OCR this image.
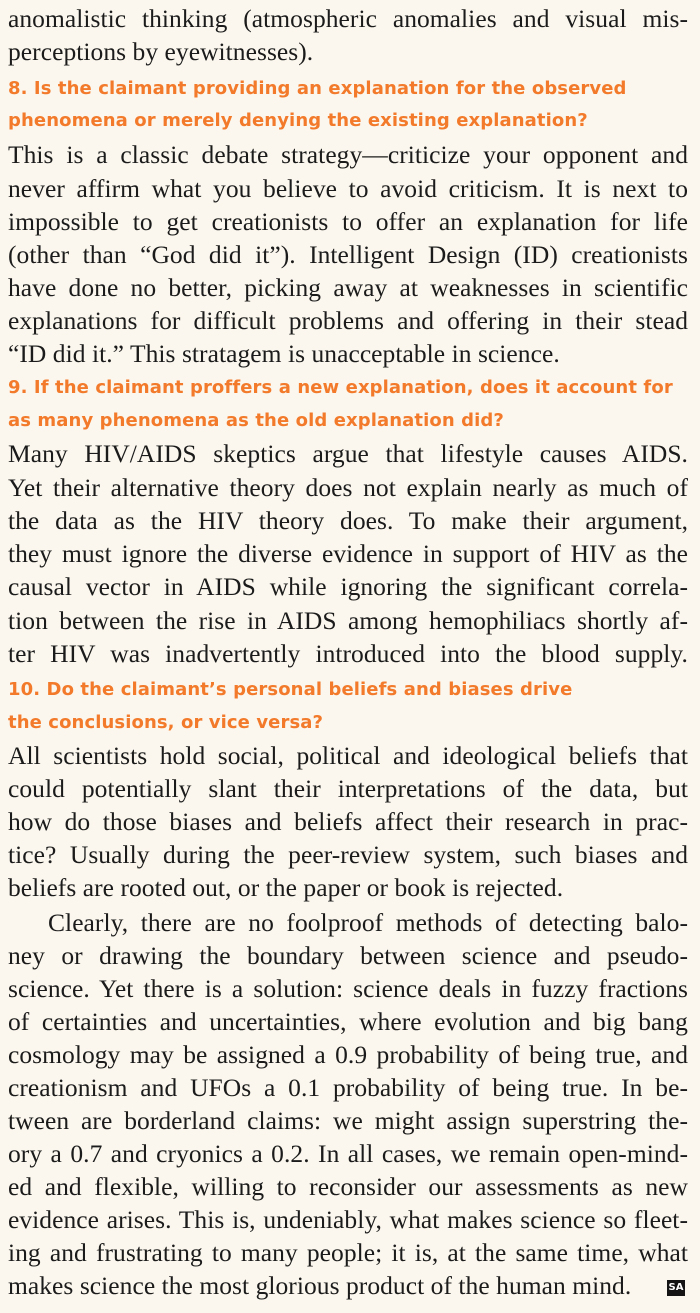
anomalistic thinking (atmospheric anomalies and visual mis-

perceptions by eyewitnesses).

8. Is the claimant providing an explanation for the observed

phenomena or merely denying the existing explanation?

This is a classic debate strategy—criticize your opponent and

never affirm what you believe to avoid criticism. It is next to

impossible to get creationists to offer an explanation for life

(other than “God did it”). Intelligent Design (ID) creationists

have done no better, picking away at weaknesses in scientific

explanations for difficult problems and offering in their stead

“ID did it.” This stratagem is unacceptable in science.

9. If the claimant proffers a new explanation, does it account for

as many phenomena as the old explanation did?

Many HIV/AIDS skeptics argue that lifestyle causes AIDS.

Yet their alternative theory does not explain nearly as much of

the data as the HIV theory does. To make their argument,

they must ignore the diverse evidence in support of HIV as the

causal vector in AIDS while ignoring the significant correla-

tion between the rise in AIDS among hemophiliacs shortly af-

ter HIV was inadvertently introduced into the blood supply.

10. Do the claimant’s personal beliefs and biases drive

the conclusions, or vice versa?

All scientists hold social, political and ideological beliefs that

could potentially slant their interpretations of the data, but

how do those biases and beliefs affect their research in prac-

tice? Usually during the peer-review system, such biases and

beliefs are rooted out, or the paper or book is rejected.

Clearly, there are no foolproof methods of detecting balo-

ney or drawing the boundary between science and pseudo-

science. Yet there is a solution: science deals in fuzzy fractions

of certainties and uncertainties, where evolution and big bang

cosmology may be assigned a 0.9 probability of being true, and

creationism and UFOs a 0.1 probability of being true. In be-

tween are borderland claims: we might assign superstring the-

ory a 0.7 and cryonics a 0.2. In all cases, we remain open-mind-

ed and flexible, willing to reconsider our assessments as new

evidence arises. This is, undeniably, what makes science so fleet-

ing and frustrating to many people; it is, at the same time, what

makes science the most glorious product of the human mind.	SA
